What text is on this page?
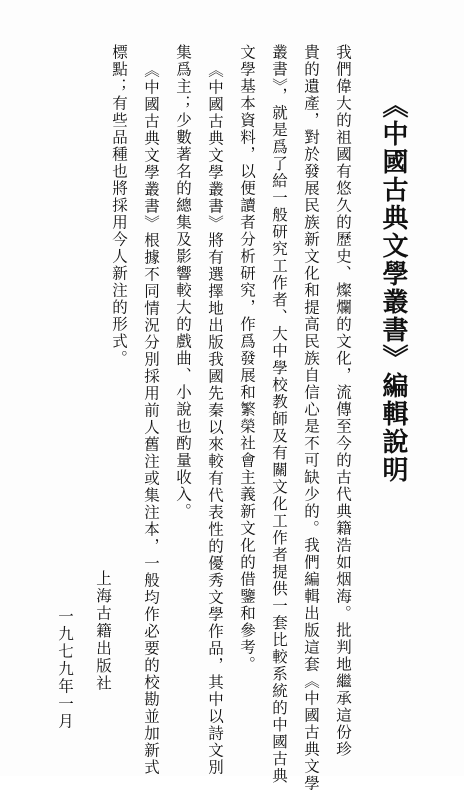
《中國古典文學叢書》編輯說明
我們偉大的祖國有悠久的歷史、燦爛的文化，流傳至今的古代典籍浩如烟海。批判地繼承這份珍
貴的遺產，對於發展民族新文化和提高民族自信心是不可缺少的。我們編輯出版這套《中國古典文學
叢書》，就是爲了給一般研究工作者、大中學校教師及有關文化工作者提供一套比較系統的中國古典
文學基本資料，以便讀者分析研究，作爲發展和繁榮社會主義新文化的借鑒和參考。
《中國古典文學叢書》將有選擇地出版我國先秦以來較有代表性的優秀文學作品，其中以詩文別
集爲主；少數著名的總集及影響較大的戲曲、小說也酌量收入。
《中國古典文學叢書》根據不同情況分別採用前人舊注或集注本，一般均作必要的校勘並加新式
標點；有些品種也將採用今人新注的形式。
上海古籍出版社
一九七九年一月
